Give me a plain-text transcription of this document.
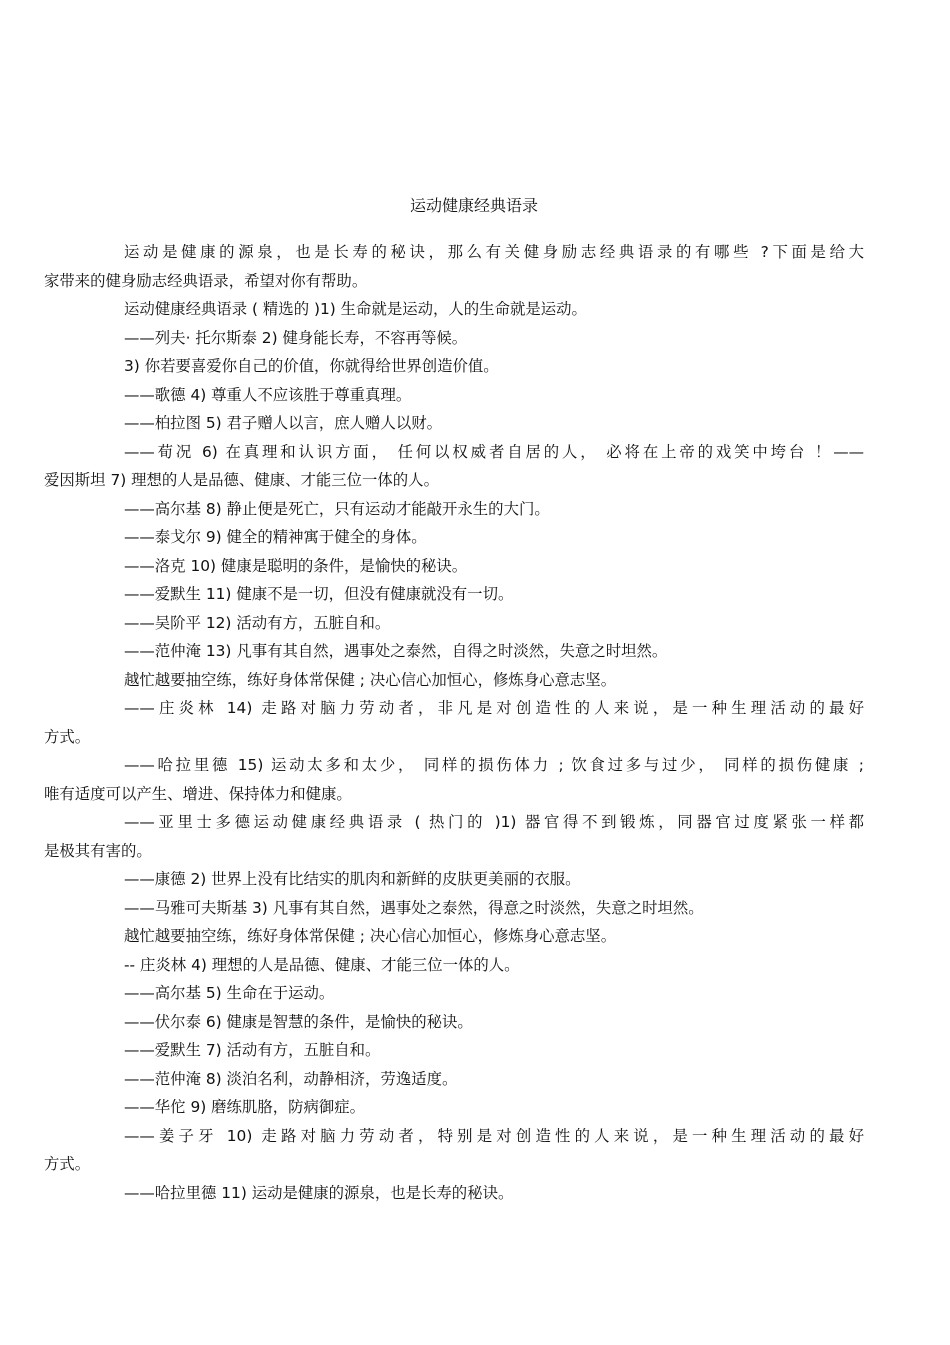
运动健康经典语录
运动是健康的源泉，也是长寿的秘诀，那么有关健身励志经典语录的有哪些 ?下面是给大
家带来的健身励志经典语录，希望对你有帮助。
运动健康经典语录 ( 精选的 )1) 生命就是运动，人的生命就是运动。
——列夫· 托尔斯泰 2) 健身能长寿，不容再等候。
3) 你若要喜爱你自己的价值，你就得给世界创造价值。
——歌德 4) 尊重人不应该胜于尊重真理。
——柏拉图 5) 君子赠人以言，庶人赠人以财。
——荀况 6) 在真理和认识方面， 任何以权威者自居的人， 必将在上帝的戏笑中垮台 ！——
爱因斯坦 7) 理想的人是品德、健康、才能三位一体的人。
——高尔基 8) 静止便是死亡，只有运动才能敲开永生的大门。
——泰戈尔 9) 健全的精神寓于健全的身体。
——洛克 10) 健康是聪明的条件，是愉快的秘诀。
——爱默生 11) 健康不是一切，但没有健康就没有一切。
——吴阶平 12) 活动有方，五脏自和。
——范仲淹 13) 凡事有其自然，遇事处之泰然，自得之时淡然，失意之时坦然。
越忙越要抽空练，练好身体常保健 ; 决心信心加恒心，修炼身心意志坚。
——庄炎林 14) 走路对脑力劳动者，非凡是对创造性的人来说，是一种生理活动的最好
方式。
——哈拉里德 15) 运动太多和太少， 同样的损伤体力 ; 饮食过多与过少， 同样的损伤健康 ;
唯有适度可以产生、增进、保持体力和健康。
——亚里士多德运动健康经典语录 ( 热门的 )1) 器官得不到锻炼，同器官过度紧张一样都
是极其有害的。
——康德 2) 世界上没有比结实的肌肉和新鲜的皮肤更美丽的衣服。
——马雅可夫斯基 3) 凡事有其自然，遇事处之泰然，得意之时淡然，失意之时坦然。
越忙越要抽空练，练好身体常保健 ; 决心信心加恒心，修炼身心意志坚。
-- 庄炎林 4) 理想的人是品德、健康、才能三位一体的人。
——高尔基 5) 生命在于运动。
——伏尔泰 6) 健康是智慧的条件，是愉快的秘诀。
——爱默生 7) 活动有方，五脏自和。
——范仲淹 8) 淡泊名利，动静相济，劳逸适度。
——华佗 9) 磨练肌胳，防病御症。
——姜子牙 10) 走路对脑力劳动者，特别是对创造性的人来说，是一种生理活动的最好
方式。
——哈拉里德 11) 运动是健康的源泉，也是长寿的秘诀。
